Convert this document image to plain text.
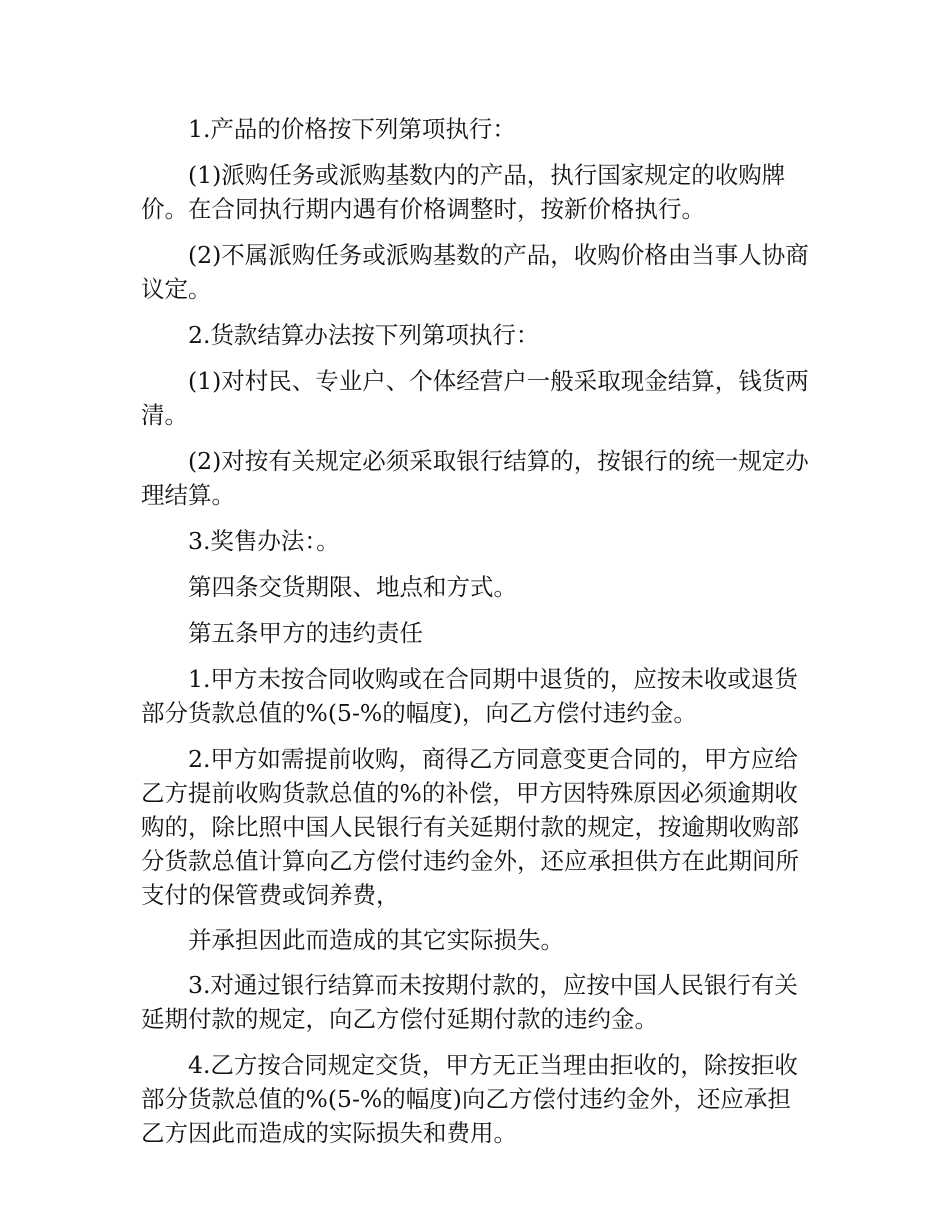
1.产品的价格按下列第项执行：

(1)派购任务或派购基数内的产品，执行国家规定的收购牌价。在合同执行期内遇有价格调整时，按新价格执行。

(2)不属派购任务或派购基数的产品，收购价格由当事人协商议定。

2.货款结算办法按下列第项执行：

(1)对村民、专业户、个体经营户一般采取现金结算，钱货两清。

(2)对按有关规定必须采取银行结算的，按银行的统一规定办理结算。

3.奖售办法：。

第四条交货期限、地点和方式。

第五条甲方的违约责任

1.甲方未按合同收购或在合同期中退货的，应按未收或退货部分货款总值的%(5-%的幅度)，向乙方偿付违约金。

2.甲方如需提前收购，商得乙方同意变更合同的，甲方应给乙方提前收购货款总值的%的补偿，甲方因特殊原因必须逾期收购的，除比照中国人民银行有关延期付款的规定，按逾期收购部分货款总值计算向乙方偿付违约金外，还应承担供方在此期间所支付的保管费或饲养费，

并承担因此而造成的其它实际损失。

3.对通过银行结算而未按期付款的，应按中国人民银行有关延期付款的规定，向乙方偿付延期付款的违约金。

4.乙方按合同规定交货，甲方无正当理由拒收的，除按拒收部分货款总值的%(5-%的幅度)向乙方偿付违约金外，还应承担乙方因此而造成的实际损失和费用。
